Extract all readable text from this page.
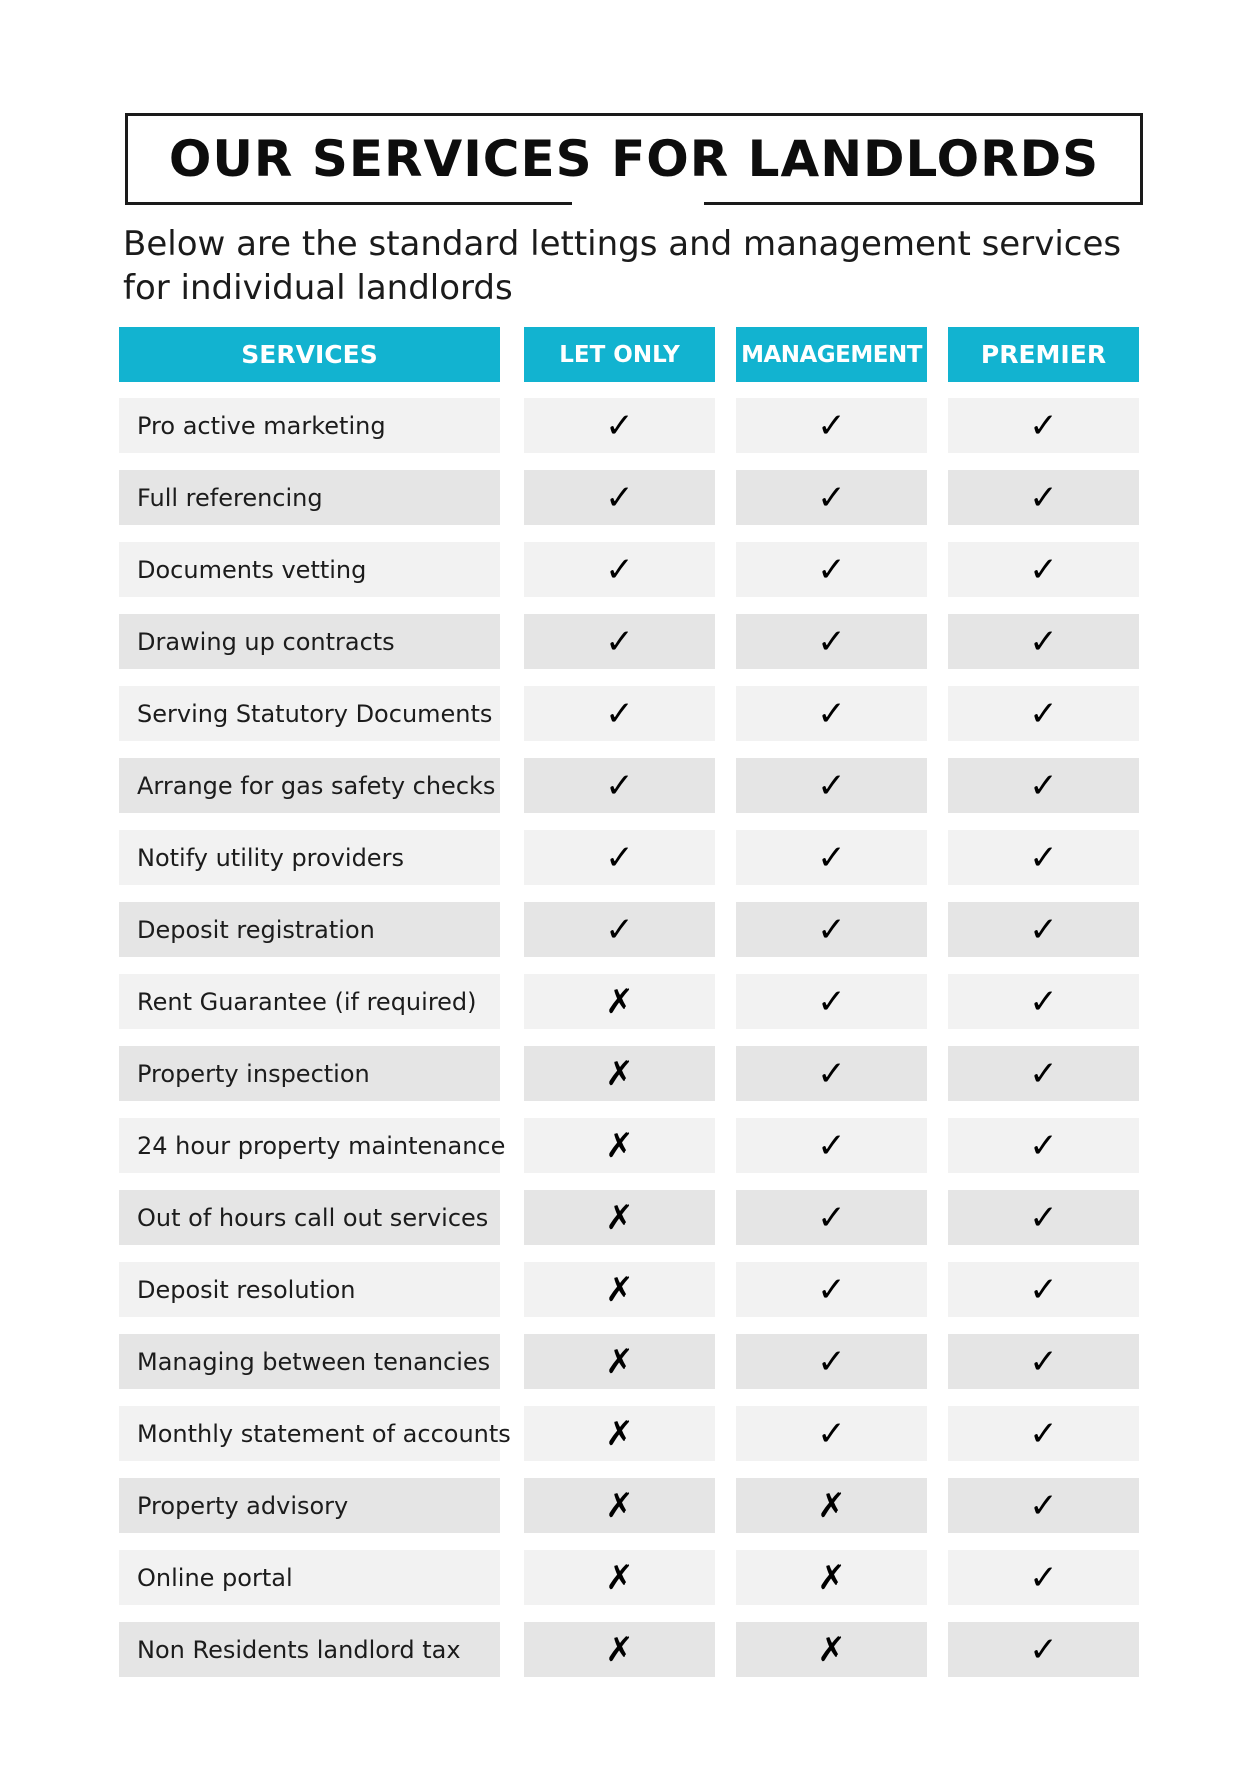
OUR SERVICES FOR LANDLORDS
Below are the standard lettings and management services for individual landlords
SERVICES	LET ONLY	MANAGEMENT	PREMIER
Pro active marketing	✓	✓	✓
Full referencing	✓	✓	✓
Documents vetting	✓	✓	✓
Drawing up contracts	✓	✓	✓
Serving Statutory Documents	✓	✓	✓
Arrange for gas safety checks	✓	✓	✓
Notify utility providers	✓	✓	✓
Deposit registration	✓	✓	✓
Rent Guarantee (if required)	✗	✓	✓
Property inspection	✗	✓	✓
24 hour property maintenance	✗	✓	✓
Out of hours call out services	✗	✓	✓
Deposit resolution	✗	✓	✓
Managing between tenancies	✗	✓	✓
Monthly statement of accounts	✗	✓	✓
Property advisory	✗	✗	✓
Online portal	✗	✗	✓
Non Residents landlord tax	✗	✗	✓
